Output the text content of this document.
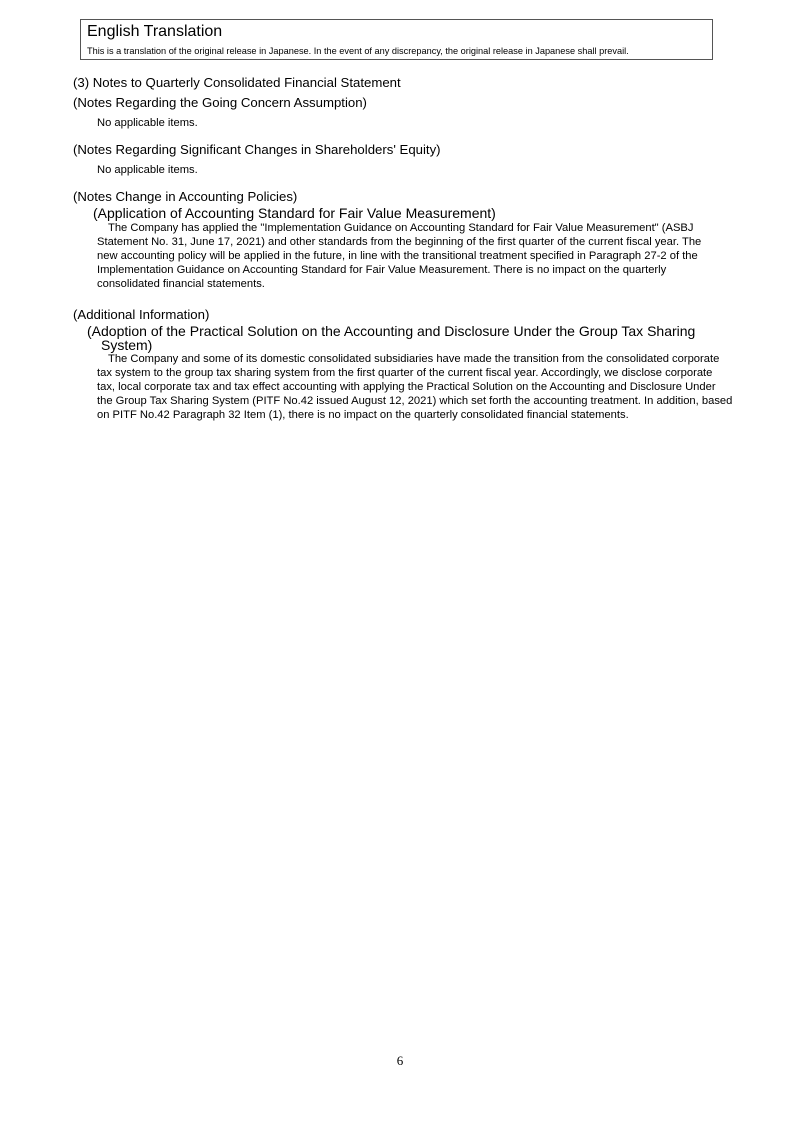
English Translation
This is a translation of the original release in Japanese. In the event of any discrepancy, the original release in Japanese shall prevail.
(3) Notes to Quarterly Consolidated Financial Statement
(Notes Regarding the Going Concern Assumption)
No applicable items.
(Notes Regarding Significant Changes in Shareholders' Equity)
No applicable items.
(Notes Change in Accounting Policies)
(Application of Accounting Standard for Fair Value Measurement)
The Company has applied the "Implementation Guidance on Accounting Standard for Fair Value Measurement" (ASBJ Statement No. 31, June 17, 2021) and other standards from the beginning of the first quarter of the current fiscal year. The new accounting policy will be applied in the future, in line with the transitional treatment specified in Paragraph 27-2 of the Implementation Guidance on Accounting Standard for Fair Value Measurement. There is no impact on the quarterly consolidated financial statements.
(Additional Information)
(Adoption of the Practical Solution on the Accounting and Disclosure Under the Group Tax Sharing
System)
The Company and some of its domestic consolidated subsidiaries have made the transition from the consolidated corporate tax system to the group tax sharing system from the first quarter of the current fiscal year. Accordingly, we disclose corporate tax, local corporate tax and tax effect accounting with applying the Practical Solution on the Accounting and Disclosure Under the Group Tax Sharing System (PITF No.42 issued August 12, 2021) which set forth the accounting treatment. In addition, based on PITF No.42 Paragraph 32 Item (1), there is no impact on the quarterly consolidated financial statements.
6
